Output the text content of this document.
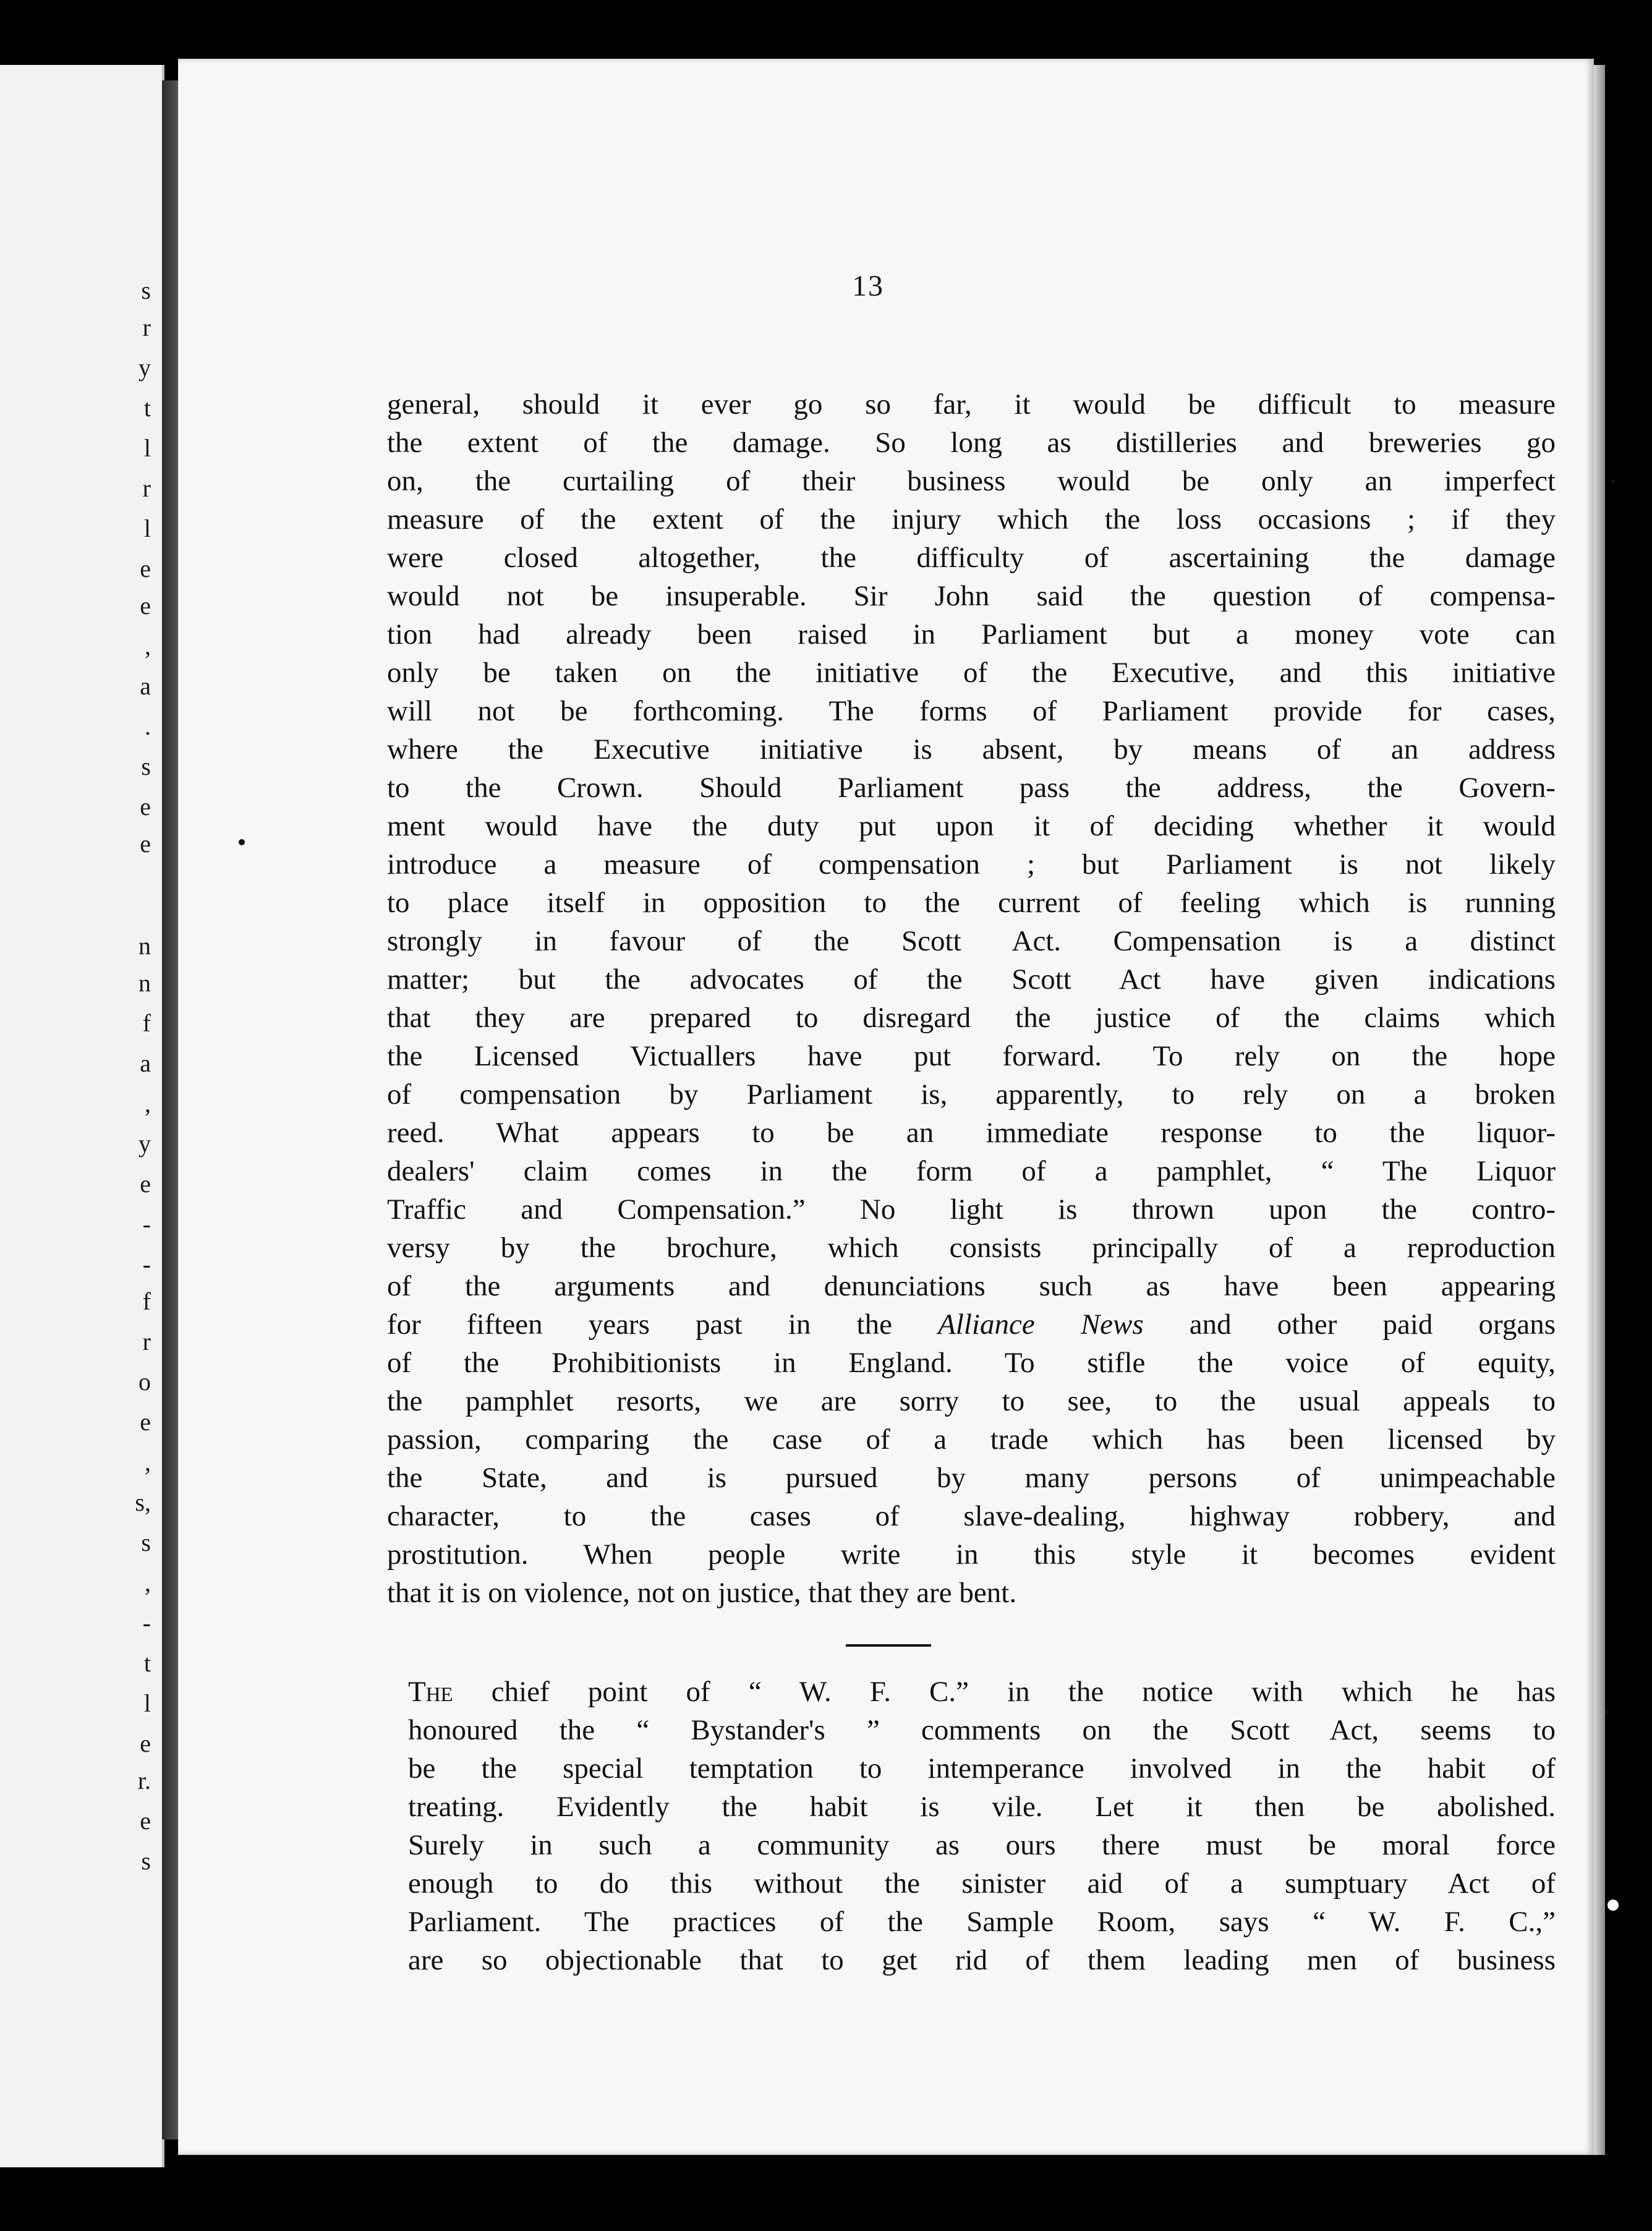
s
r
y
t
l
r
l
e
e
,
a
.
s
e
e
n
n
f
a
,
y
e
-
-
f
r
o
e
,
s,
s
,
-
t
l
e
r.
e
s
13
general, should it ever go so far, it would be difficult to measure
the extent of the damage. So long as distilleries and breweries go
on, the curtailing of their business would be only an imperfect
measure of the extent of the injury which the loss occasions ; if they
were closed altogether, the difficulty of ascertaining the damage
would not be insuperable. Sir John said the question of compensa-
tion had already been raised in Parliament but a money vote can
only be taken on the initiative of the Executive, and this initiative
will not be forthcoming. The forms of Parliament provide for cases,
where the Executive initiative is absent, by means of an address
to the Crown. Should Parliament pass the address, the Govern-
ment would have the duty put upon it of deciding whether it would
introduce a measure of compensation ; but Parliament is not likely
to place itself in opposition to the current of feeling which is running
strongly in favour of the Scott Act. Compensation is a distinct
matter; but the advocates of the Scott Act have given indications
that they are prepared to disregard the justice of the claims which
the Licensed Victuallers have put forward. To rely on the hope
of compensation by Parliament is, apparently, to rely on a broken
reed. What appears to be an immediate response to the liquor-
dealers' claim comes in the form of a pamphlet, “ The Liquor
Traffic and Compensation.” No light is thrown upon the contro-
versy by the brochure, which consists principally of a reproduction
of the arguments and denunciations such as have been appearing
for fifteen years past in the Alliance News and other paid organs
of the Prohibitionists in England. To stifle the voice of equity,
the pamphlet resorts, we are sorry to see, to the usual appeals to
passion, comparing the case of a trade which has been licensed by
the State, and is pursued by many persons of unimpeachable
character, to the cases of slave-dealing, highway robbery, and
prostitution. When people write in this style it becomes evident
that it is on violence, not on justice, that they are bent.
The chief point of “ W. F. C.” in the notice with which he has
honoured the “ Bystander's ” comments on the Scott Act, seems to
be the special temptation to intemperance involved in the habit of
treating. Evidently the habit is vile. Let it then be abolished.
Surely in such a community as ours there must be moral force
enough to do this without the sinister aid of a sumptuary Act of
Parliament. The practices of the Sample Room, says “ W. F. C.,”
are so objectionable that to get rid of them leading men of business
